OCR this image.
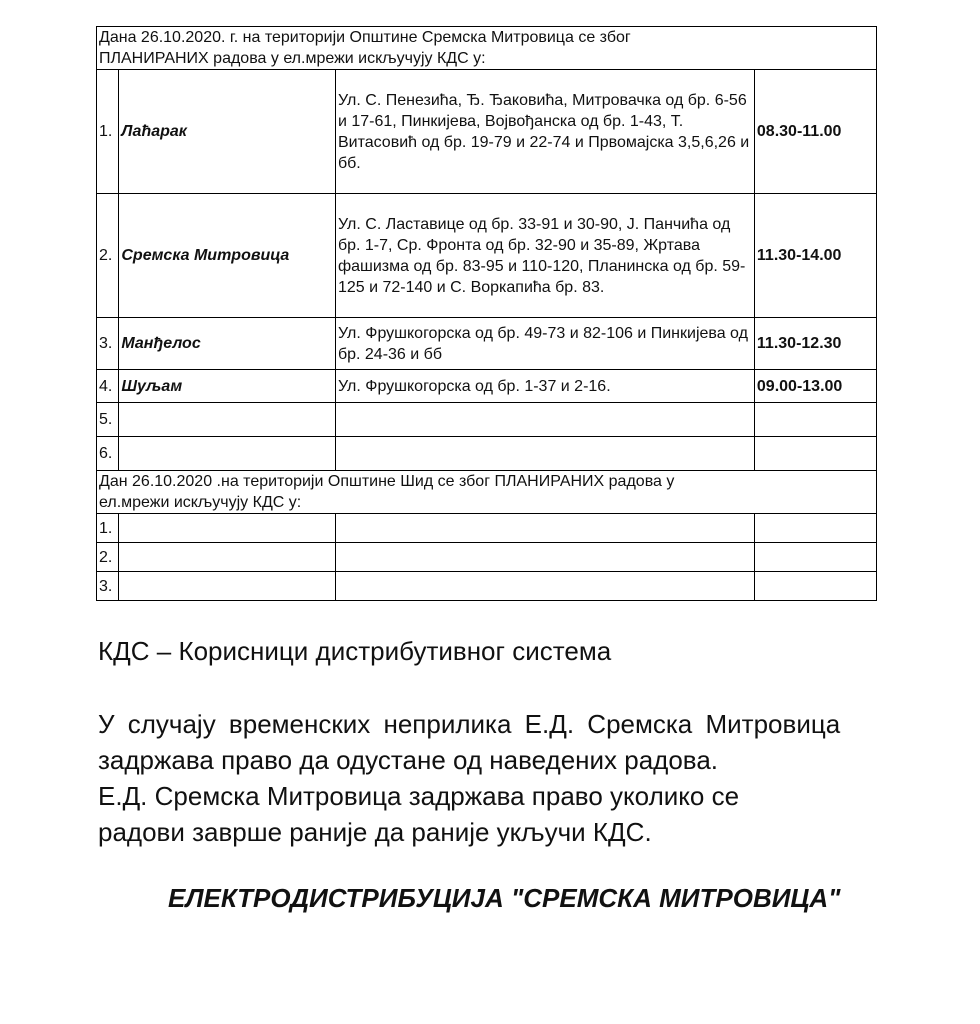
Дана 26.10.2020. г. на територији Општине Сремска Митровица се због
ПЛАНИРАНИХ радова у ел.мрежи искључују КДС у:			
1.	Лаћарак	Ул. С. Пенезића, Ђ. Ђаковића, Митровачка од бр. 6-56 и 17-61, Пинкијева, Војвођанска од бр. 1-43, Т. Витасовић од бр. 19-79 и 22-74 и Првомајска 3,5,6,26 и бб.	08.30-11.00
2.	Сремска Митровица	Ул. С. Ластавице од бр. 33-91 и 30-90, Ј. Панчића од бр. 1-7, Ср. Фронта од бр. 32-90 и 35-89, Жртава фашизма од бр. 83-95 и 110-120, Планинска од бр. 59-125 и 72-140 и С. Воркапића бр. 83.	11.30-14.00
3.	Манђелос	Ул. Фрушкогорска од бр. 49-73 и 82-106 и Пинкијева од бр. 24-36 и бб	11.30-12.30
4.	Шуљам	Ул. Фрушкогорска од бр. 1-37 и 2-16.	09.00-13.00
5.			
6.			
Дан 26.10.2020 .на територији Општине Шид се због ПЛАНИРАНИХ радова у
ел.мрежи искључују КДС у:			
1.			
2.			
3.			
КДС – Корисници дистрибутивног система
У случају временских неприлика Е.Д. Сремска Митровица
задржава право да одустане од наведених радова.
Е.Д. Сремска Митровица задржава право уколико се
радови заврше раније да раније укључи КДС.
ЕЛЕКТРОДИСТРИБУЦИЈА "СРЕМСКА МИТРОВИЦА"
